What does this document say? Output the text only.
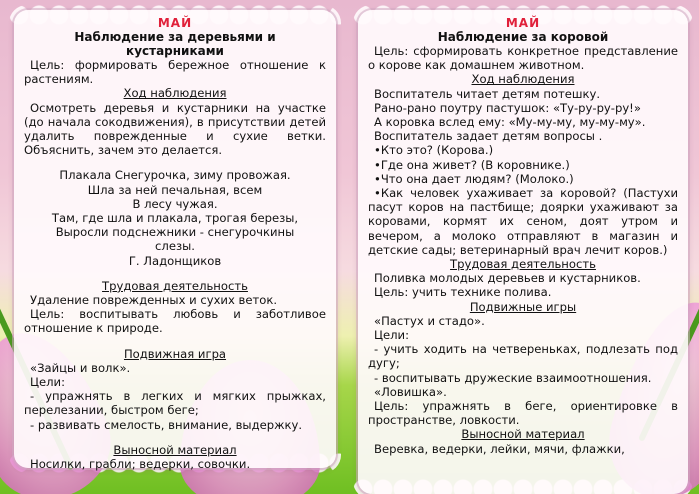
МАЙ
Наблюдение за деревьями и кустарниками

Цель: формировать бережное отношение к растениям.

Ход наблюдения

Осмотреть деревья и кустарники на участке (до начала сокодвижения), в присутствии детей удалить поврежденные и сухие ветки. Объяснить, зачем это делается.

Плакала Снегурочка, зиму провожая.
Шла за ней печальная, всем
В лесу чужая.
Там, где шла и плакала, трогая березы,
Выросли подснежники - снегурочкины
слезы.
Г. Ладонщиков
Трудовая деятельность

Удаление поврежденных и сухих веток.

Цель: воспитывать любовь и заботливое отношение к природе.

Подвижная игра

«Зайцы и волк».

Цели:

- упражнять в легких и мягких прыжках, перелезании, быстром беге;

- развивать смелость, внимание, выдержку.

Выносной материал

Носилки, грабли; ведерки, совочки.

МАЙ
Наблюдение за коровой

Цель: сформировать конкретное представление о корове как домашнем животном.

Ход наблюдения

Воспитатель читает детям потешку.

Рано-рано поутру пастушок: «Ту-ру-ру-ру!»

А коровка вслед ему: «Му-му-му, му-му-му».

Воспитатель задает детям вопросы .

•Кто это? (Корова.)

•Где она живет? (В коровнике.)

•Что она дает людям? (Молоко.)

•Как человек ухаживает за коровой? (Пастухи пасут коров на пастбище; доярки ухаживают за коровами, кормят их сеном, доят утром и вечером, а молоко отправляют в магазин и детские сады; ветеринарный врач лечит коров.)

Трудовая деятельность

Поливка молодых деревьев и кустарников.

Цель: учить технике полива.

Подвижные игры

«Пастух и стадо».

Цели:

- учить ходить на четвереньках, подлезать под дугу;

- воспитывать дружеские взаимоотношения.

«Ловишка».

Цель: упражнять в беге, ориентировке в пространстве, ловкости.

Выносной материал

Веревка, ведерки, лейки, мячи, флажки,
